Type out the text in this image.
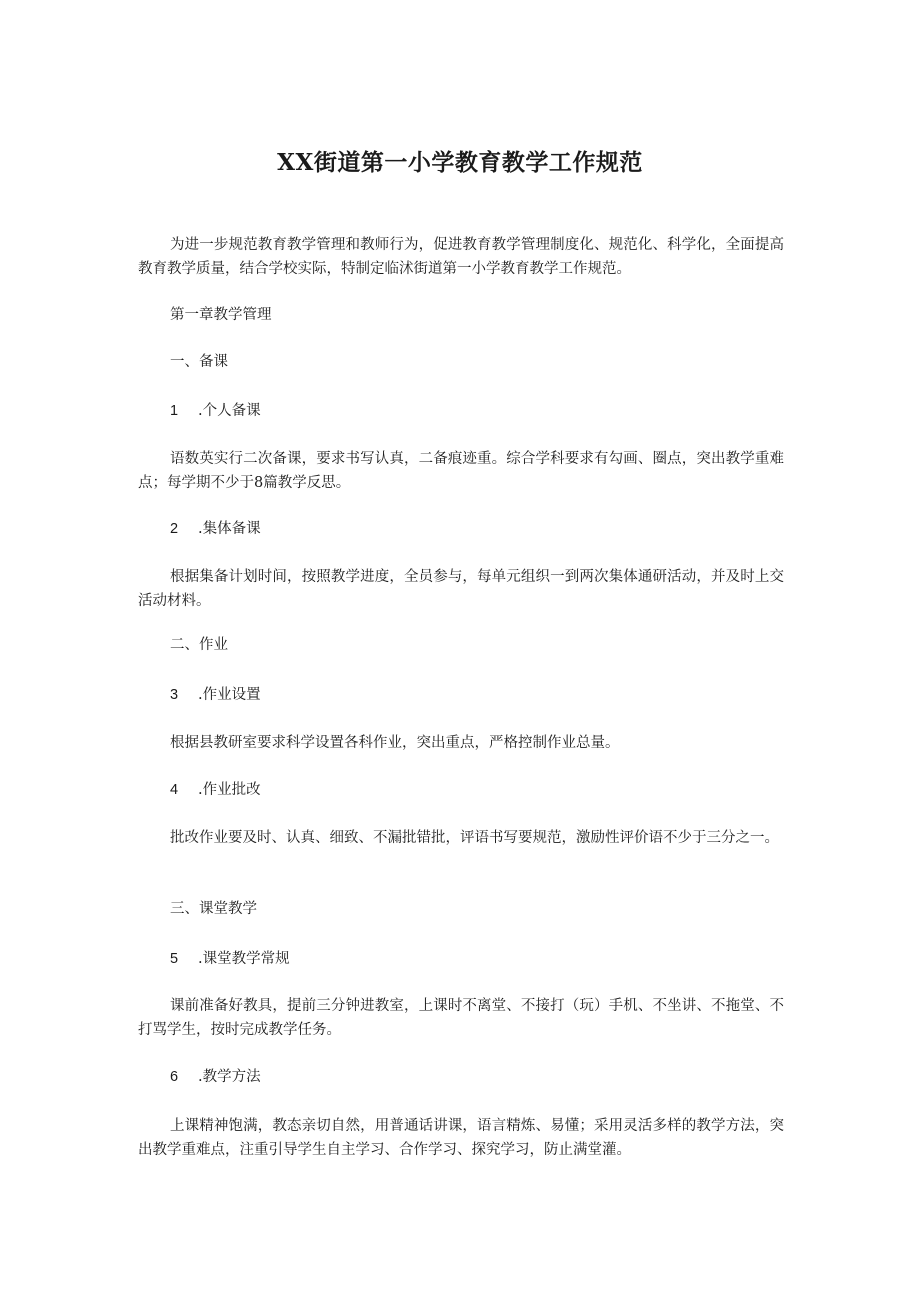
XX街道第一小学教育教学工作规范

为进一步规范教育教学管理和教师行为，促进教育教学管理制度化、规范化、科学化，全面提高教育教学质量，结合学校实际，特制定临沭街道第一小学教育教学工作规范。

第一章教学管理

一、备课

1 .个人备课

语数英实行二次备课，要求书写认真，二备痕迹重。综合学科要求有勾画、圈点，突出教学重难点；每学期不少于8篇教学反思。

2 .集体备课

根据集备计划时间，按照教学进度，全员参与，每单元组织一到两次集体通研活动，并及时上交活动材料。

二、作业

3 .作业设置

根据县教研室要求科学设置各科作业，突出重点，严格控制作业总量。

4 .作业批改

批改作业要及时、认真、细致、不漏批错批，评语书写要规范，激励性评价语不少于三分之一。

三、课堂教学

5 .课堂教学常规

课前准备好教具，提前三分钟进教室，上课时不离堂、不接打（玩）手机、不坐讲、不拖堂、不打骂学生，按时完成教学任务。

6 .教学方法

上课精神饱满，教态亲切自然，用普通话讲课，语言精炼、易懂；采用灵活多样的教学方法，突出教学重难点，注重引导学生自主学习、合作学习、探究学习，防止满堂灌。
